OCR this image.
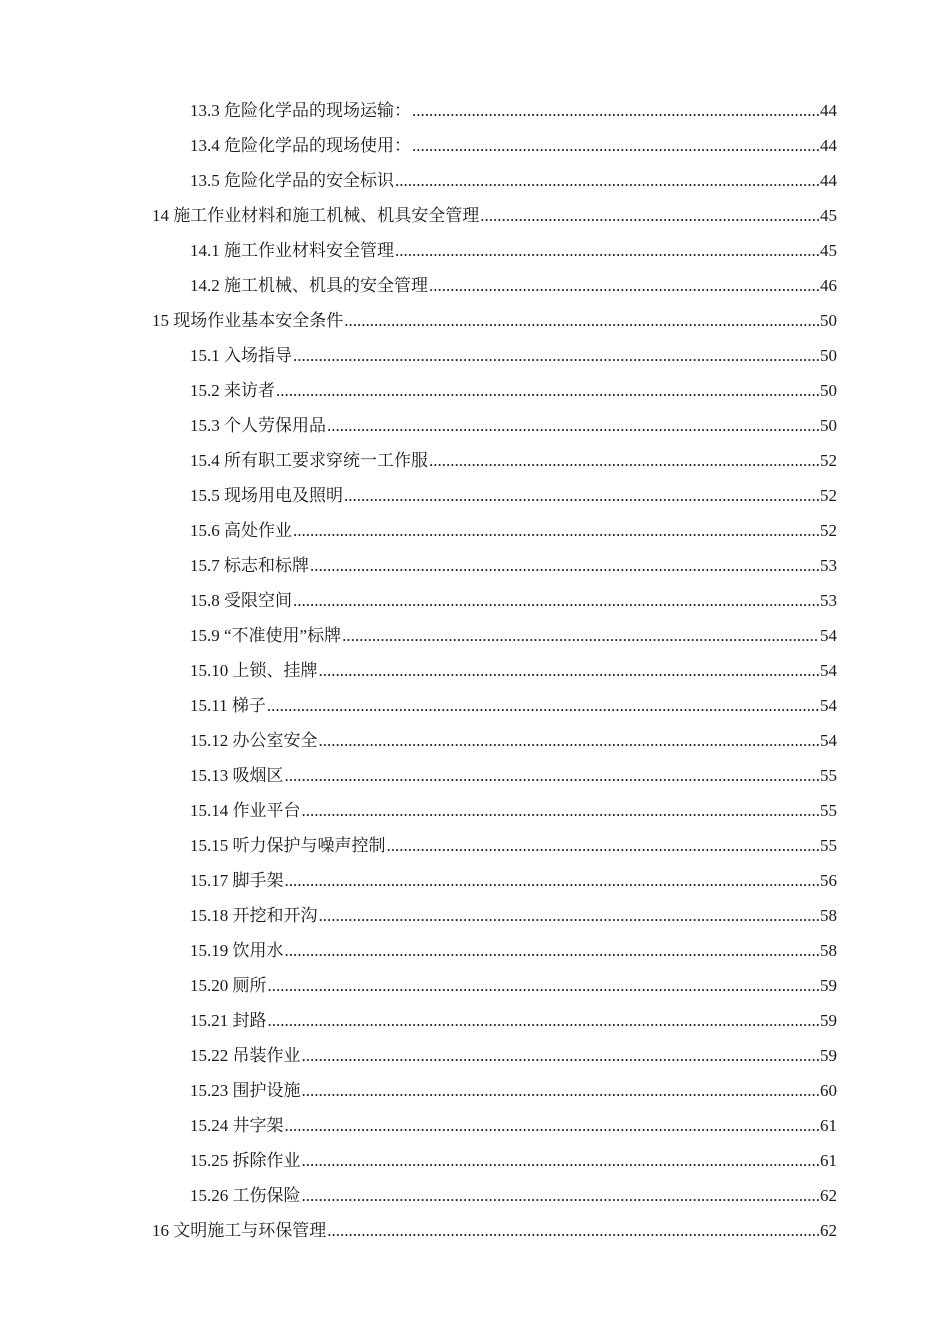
13.3 危险化学品的现场运输： .....	44
13.4 危险化学品的现场使用： .....	44
13.5 危险化学品的安全标识 .....	44
14 施工作业材料和施工机械、机具安全管理 .....	45
14.1 施工作业材料安全管理 .....	45
14.2 施工机械、机具的安全管理 .....	46
15 现场作业基本安全条件 .....	50
15.1 入场指导 .....	50
15.2 来访者 .....	50
15.3 个人劳保用品 .....	50
15.4 所有职工要求穿统一工作服 .....	52
15.5 现场用电及照明 .....	52
15.6 高处作业 .....	52
15.7 标志和标牌 .....	53
15.8 受限空间 .....	53
15.9 “不准使用”标牌 .....	54
15.10 上锁、挂牌 .....	54
15.11 梯子 .....	54
15.12 办公室安全 .....	54
15.13 吸烟区 .....	55
15.14 作业平台 .....	55
15.15 听力保护与噪声控制 .....	55
15.17 脚手架 .....	56
15.18 开挖和开沟 .....	58
15.19 饮用水 .....	58
15.20 厕所 .....	59
15.21 封路 .....	59
15.22 吊装作业 .....	59
15.23 围护设施 .....	60
15.24 井字架 .....	61
15.25 拆除作业 .....	61
15.26 工伤保险 .....	62
16 文明施工与环保管理 .....	62
